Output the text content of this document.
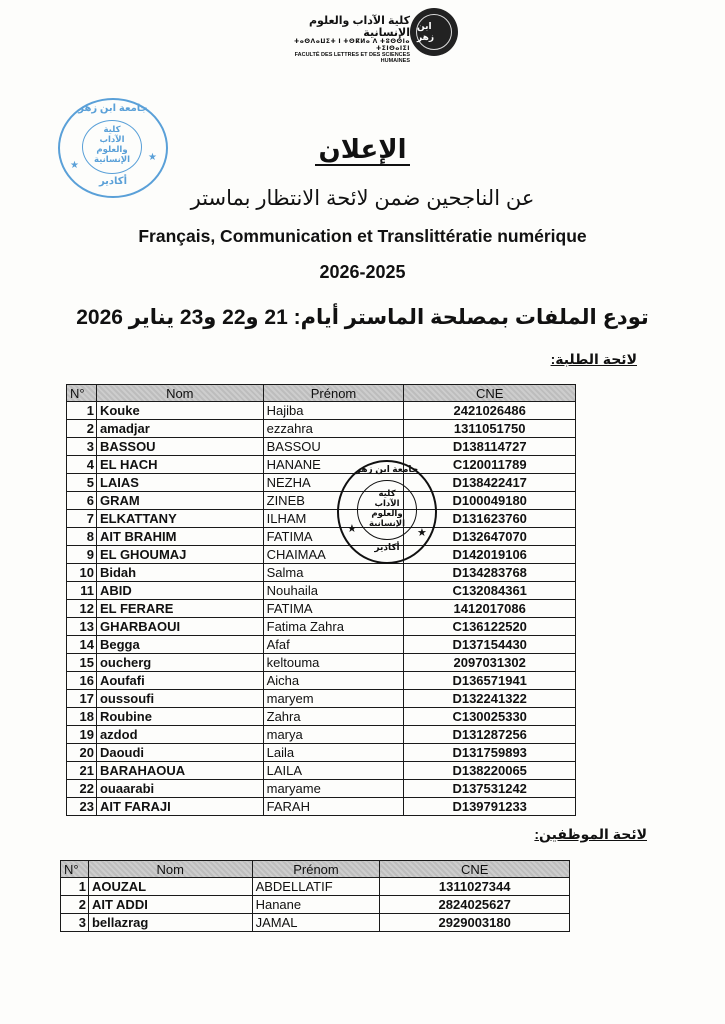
كلية الآداب والعلوم الإنسانية
ⵜⴰⵙⴷⴰⵡⵉⵜ ⵏ ⵜⵙⴽⵍⴰ ⴷ ⵜⵓⵙⵙⵏⴰ ⵜⵉⵏⵙⴰⵏⵉⵏ
FACULTÉ DES LETTRES ET DES SCIENCES HUMAINES
ابن زهر
جامعة ابن زهر
كلية
الآداب
والعلوم
الإنسانية
★
★
أكادير
الإعلان
عن الناجحين ضمن لائحة الانتظار بماستر
Français, Communication et Translittératie numérique
2026-2025
تودع الملفات بمصلحة الماستر أيام: 21 و22 و23 يناير 2026
لائحة الطلبة:
N°	Nom	Prénom	CNE
1	Kouke	Hajiba	2421026486
2	amadjar	ezzahra	1311051750
3	BASSOU	BASSOU	D138114727
4	EL HACH	HANANE	C120011789
5	LAIAS	NEZHA	D138422417
6	GRAM	ZINEB	D100049180
7	ELKATTANY	ILHAM	D131623760
8	AIT BRAHIM	FATIMA	D132647070
9	EL GHOUMAJ	CHAIMAA	D142019106
10	Bidah	Salma	D134283768
11	ABID	Nouhaila	C132084361
12	EL FERARE	FATIMA	1412017086
13	GHARBAOUI	Fatima Zahra	C136122520
14	Begga	Afaf	D137154430
15	oucherg	keltouma	2097031302
16	Aoufafi	Aicha	D136571941
17	oussoufi	maryem	D132241322
18	Roubine	Zahra	C130025330
19	azdod	marya	D131287256
20	Daoudi	Laila	D131759893
21	BARAHAOUA	LAILA	D138220065
22	ouaarabi	maryame	D137531242
23	AIT FARAJI	FARAH	D139791233
جامعة ابن زهر
كلية
الآداب
والعلوم
الإنسانية
★	★
أكادير
لائحة الموظفين:
N°	Nom	Prénom	CNE
1	AOUZAL	ABDELLATIF	1311027344
2	AIT ADDI	Hanane	2824025627
3	bellazrag	JAMAL	2929003180
